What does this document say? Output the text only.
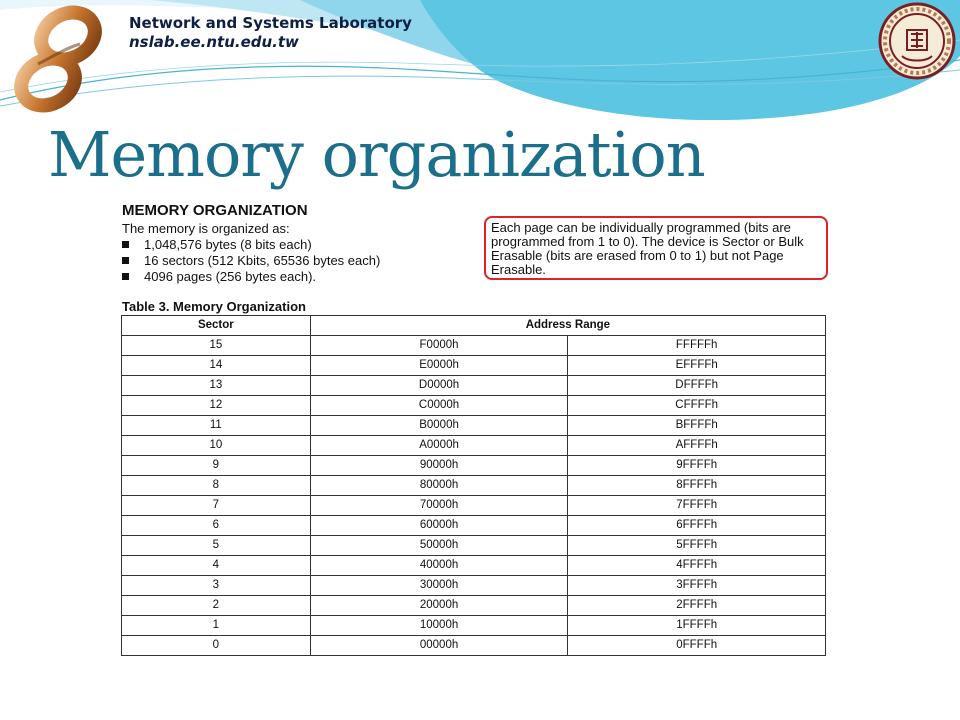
Network and Systems Laboratory
nslab.ee.ntu.edu.tw
Memory organization
MEMORY ORGANIZATION
The memory is organized as:
1,048,576 bytes (8 bits each)
16 sectors (512 Kbits, 65536 bytes each)
4096 pages (256 bytes each).
Each page can be individually programmed (bits are programmed from 1 to 0). The device is Sector or Bulk Erasable (bits are erased from 0 to 1) but not Page Erasable.
Table 3. Memory Organization
Sector	Address Range	
15	F0000h	FFFFFh
14	E0000h	EFFFFh
13	D0000h	DFFFFh
12	C0000h	CFFFFh
11	B0000h	BFFFFh
10	A0000h	AFFFFh
9	90000h	9FFFFh
8	80000h	8FFFFh
7	70000h	7FFFFh
6	60000h	6FFFFh
5	50000h	5FFFFh
4	40000h	4FFFFh
3	30000h	3FFFFh
2	20000h	2FFFFh
1	10000h	1FFFFh
0	00000h	0FFFFh
